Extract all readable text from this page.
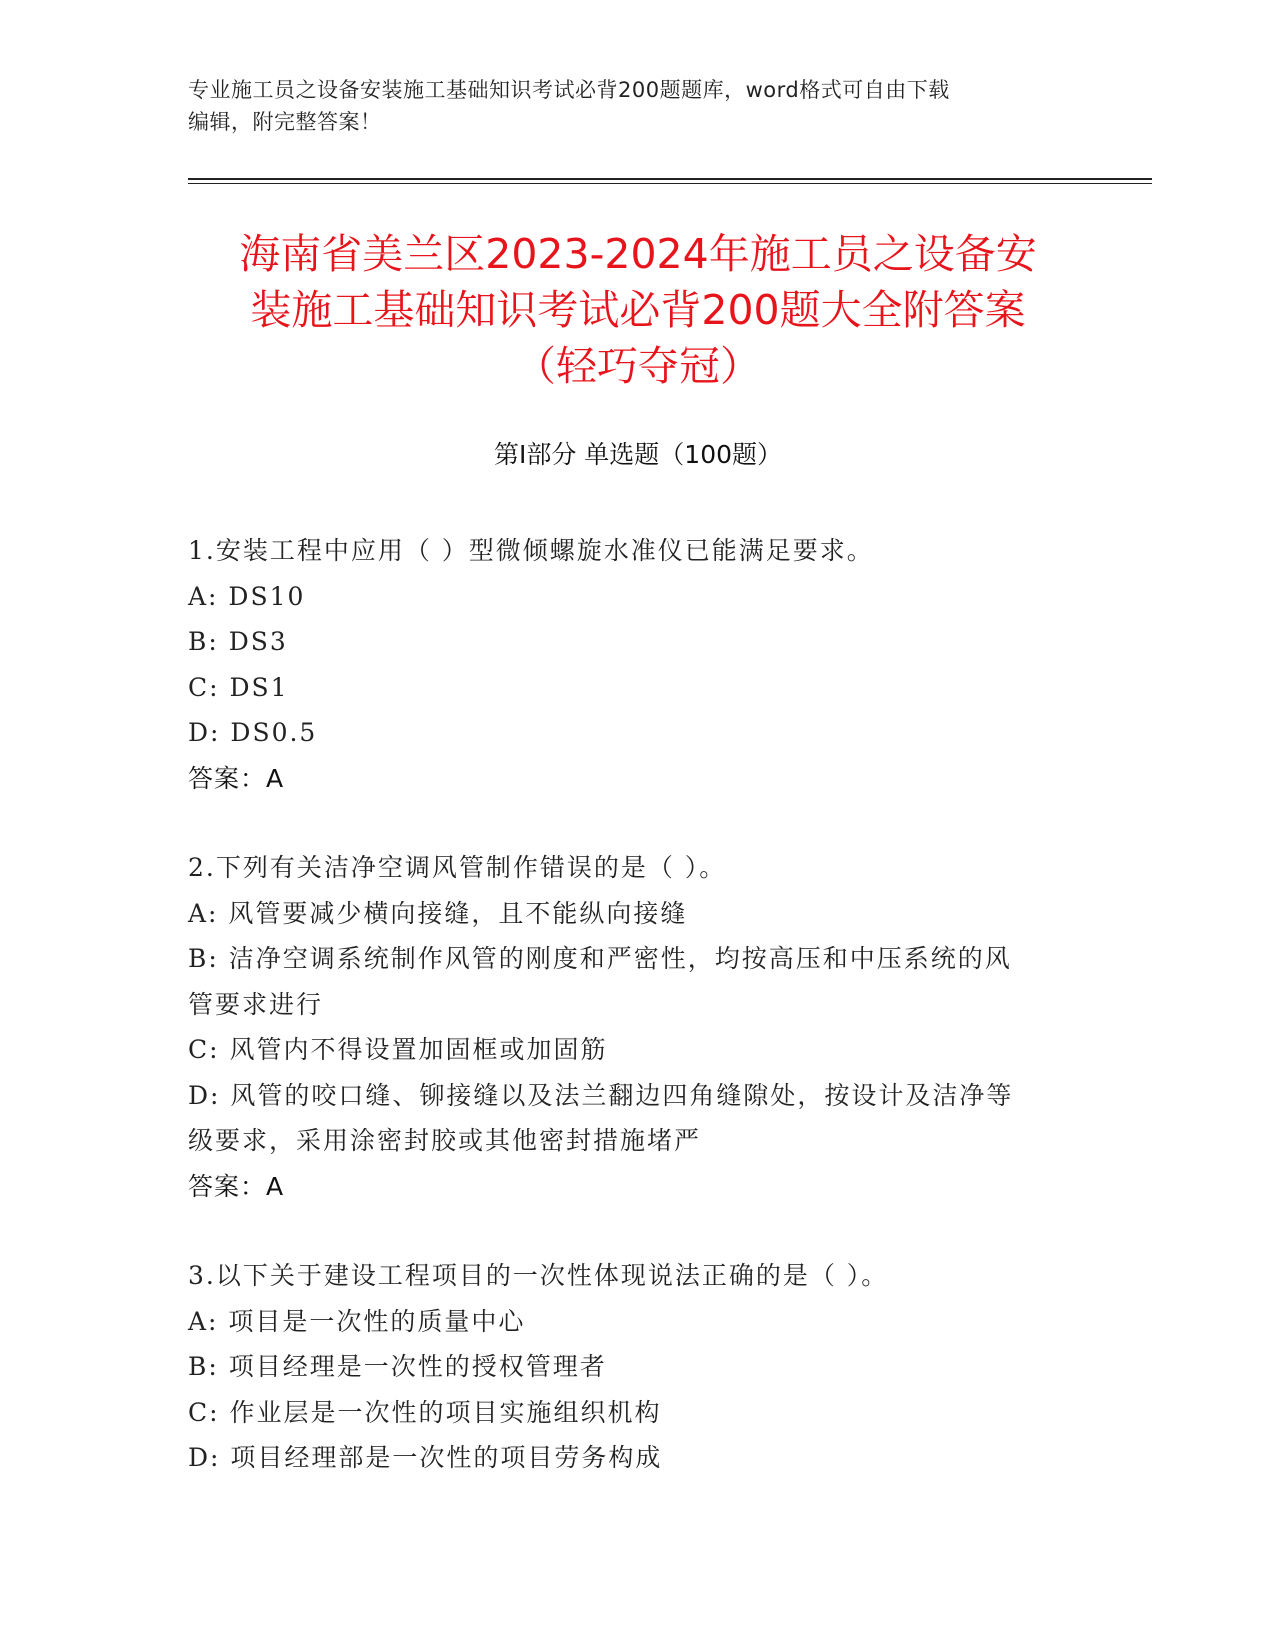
专业施工员之设备安装施工基础知识考试必背200题题库，word格式可自由下载
编辑，附完整答案！
海南省美兰区2023-2024年施工员之设备安
装施工基础知识考试必背200题大全附答案
（轻巧夺冠）
第Ⅰ部分 单选题（100题）
1.安装工程中应用（ ）型微倾螺旋水准仪已能满足要求。
A: DS10
B: DS3
C: DS1
D: DS0.5
答案：A
2.下列有关洁净空调风管制作错误的是（ ）。
A: 风管要减少横向接缝，且不能纵向接缝
B: 洁净空调系统制作风管的刚度和严密性，均按高压和中压系统的风
管要求进行
C: 风管内不得设置加固框或加固筋
D: 风管的咬口缝、铆接缝以及法兰翻边四角缝隙处，按设计及洁净等
级要求，采用涂密封胶或其他密封措施堵严
答案：A
3.以下关于建设工程项目的一次性体现说法正确的是（ ）。
A: 项目是一次性的质量中心
B: 项目经理是一次性的授权管理者
C: 作业层是一次性的项目实施组织机构
D: 项目经理部是一次性的项目劳务构成
